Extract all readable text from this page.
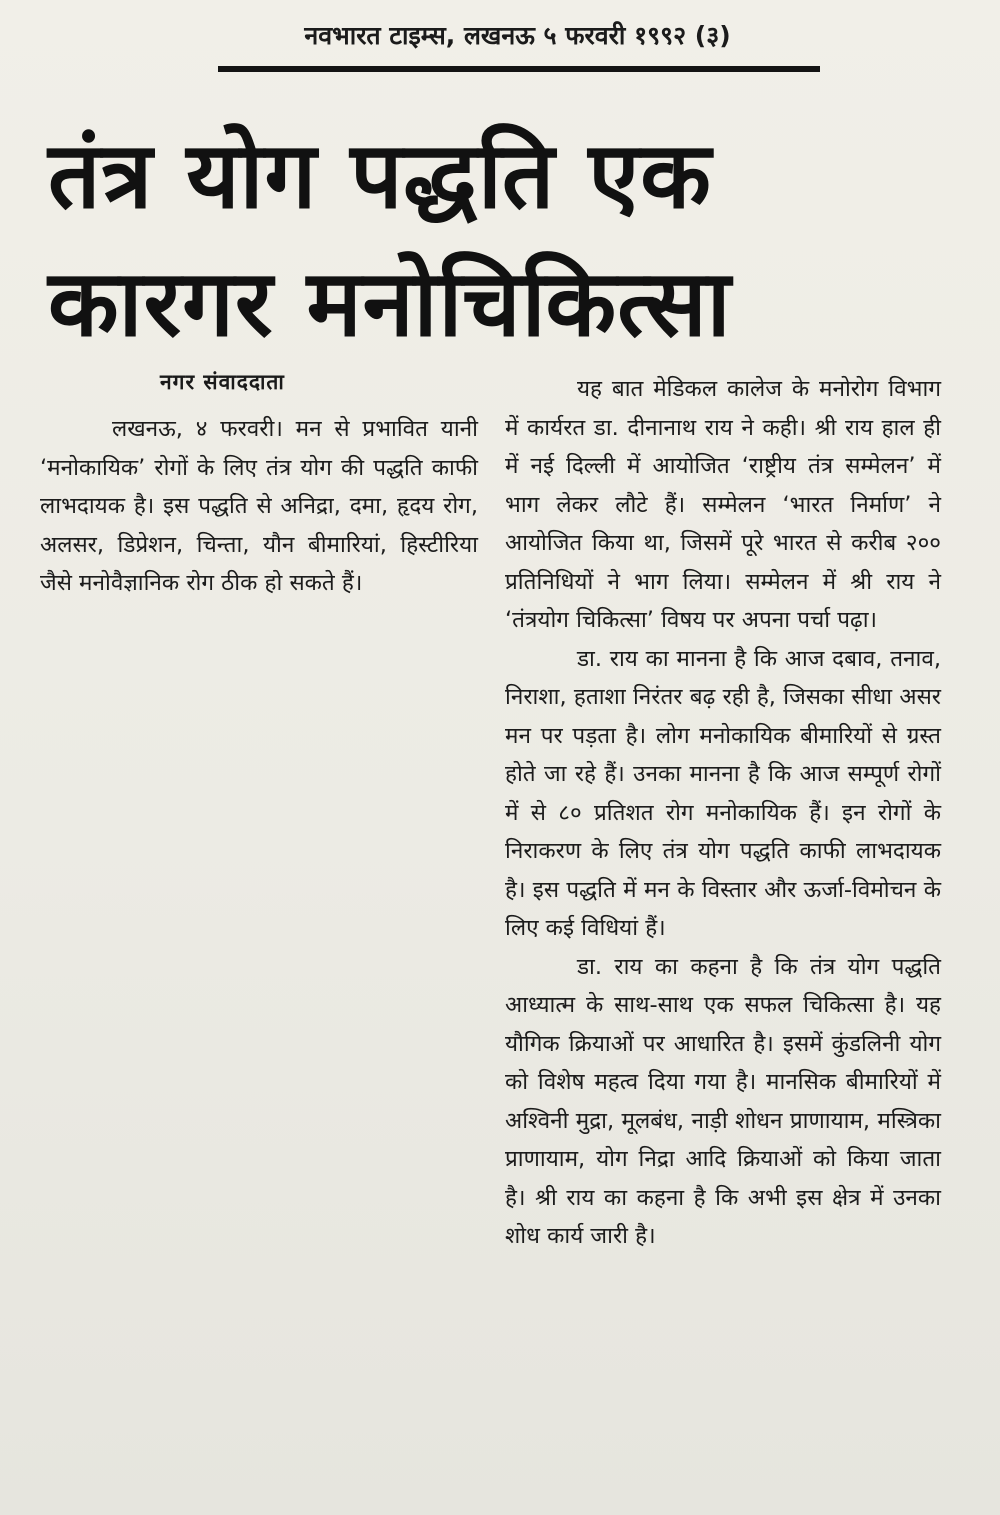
नवभारत टाइम्स, लखनऊ ५ फरवरी १९९२ (३)
तंत्र योग पद्धति एक कारगर मनोचिकित्सा
नगर संवाददाता

लखनऊ, ४ फरवरी। मन से प्रभावित यानी ‘मनोकायिक’ रोगों के लिए तंत्र योग की पद्धति काफी लाभदायक है। इस पद्धति से अनिद्रा, दमा, हृदय रोग, अलसर, डिप्रेशन, चिन्ता, यौन बीमारियां, हिस्टीरिया जैसे मनोवैज्ञानिक रोग ठीक हो सकते हैं।

यह बात मेडिकल कालेज के मनोरोग विभाग में कार्यरत डा. दीनानाथ राय ने कही। श्री राय हाल ही में नई दिल्ली में आयोजित ‘राष्ट्रीय तंत्र सम्मेलन’ में भाग लेकर लौटे हैं। सम्मेलन ‘भारत निर्माण’ ने आयोजित किया था, जिसमें पूरे भारत से करीब २०० प्रतिनिधियों ने भाग लिया। सम्मेलन में श्री राय ने ‘तंत्रयोग चिकित्सा’ विषय पर अपना पर्चा पढ़ा।

डा. राय का मानना है कि आज दबाव, तनाव, निराशा, हताशा निरंतर बढ़ रही है, जिसका सीधा असर मन पर पड़ता है। लोग मनोकायिक बीमारियों से ग्रस्त होते जा रहे हैं। उनका मानना है कि आज सम्पूर्ण रोगों में से ८० प्रतिशत रोग मनोकायिक हैं। इन रोगों के निराकरण के लिए तंत्र योग पद्धति काफी लाभदायक है। इस पद्धति में मन के विस्तार और ऊर्जा-विमोचन के लिए कई विधियां हैं।

डा. राय का कहना है कि तंत्र योग पद्धति आध्यात्म के साथ-साथ एक सफल चिकित्सा है। यह यौगिक क्रियाओं पर आधारित है। इसमें कुंडलिनी योग को विशेष महत्व दिया गया है। मानसिक बीमारियों में अश्विनी मुद्रा, मूलबंध, नाड़ी शोधन प्राणायाम, मस्त्रिका प्राणायाम, योग निद्रा आदि क्रियाओं को किया जाता है। श्री राय का कहना है कि अभी इस क्षेत्र में उनका शोध कार्य जारी है।
